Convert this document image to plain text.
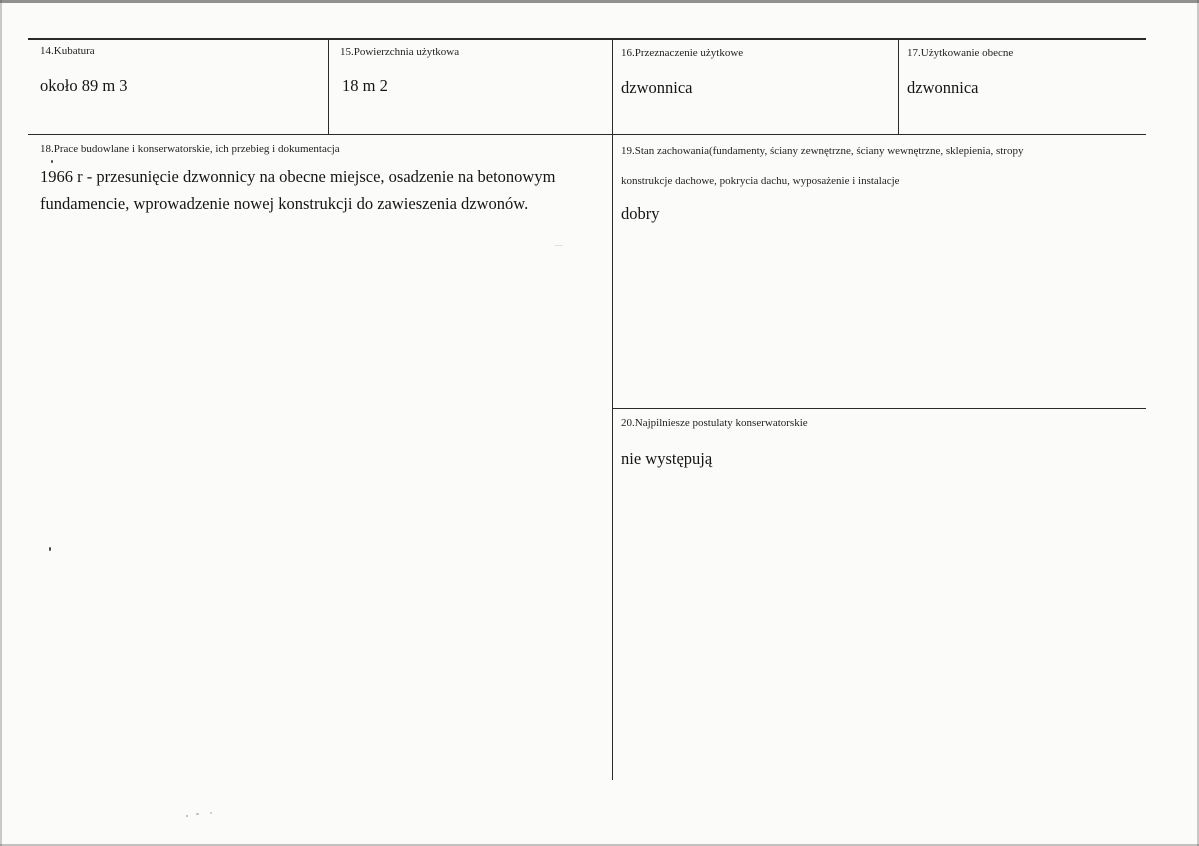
14.Kubatura
około 89 m 3
15.Powierzchnia użytkowa
18 m 2
16.Przeznaczenie użytkowe
dzwonnica
17.Użytkowanie obecne
dzwonnica
18.Prace budowlane i konserwatorskie, ich przebieg i dokumentacja
1966 r - przesunięcie dzwonnicy na obecne miejsce, osadzenie na betonowym
fundamencie, wprowadzenie nowej konstrukcji do zawieszenia dzwonów.
19.Stan zachowania(fundamenty, ściany zewnętrzne, ściany wewnętrzne, sklepienia, stropy
konstrukcje dachowe, pokrycia dachu, wyposażenie i instalacje
dobry
20.Najpilniesze postulaty konserwatorskie
nie występują
